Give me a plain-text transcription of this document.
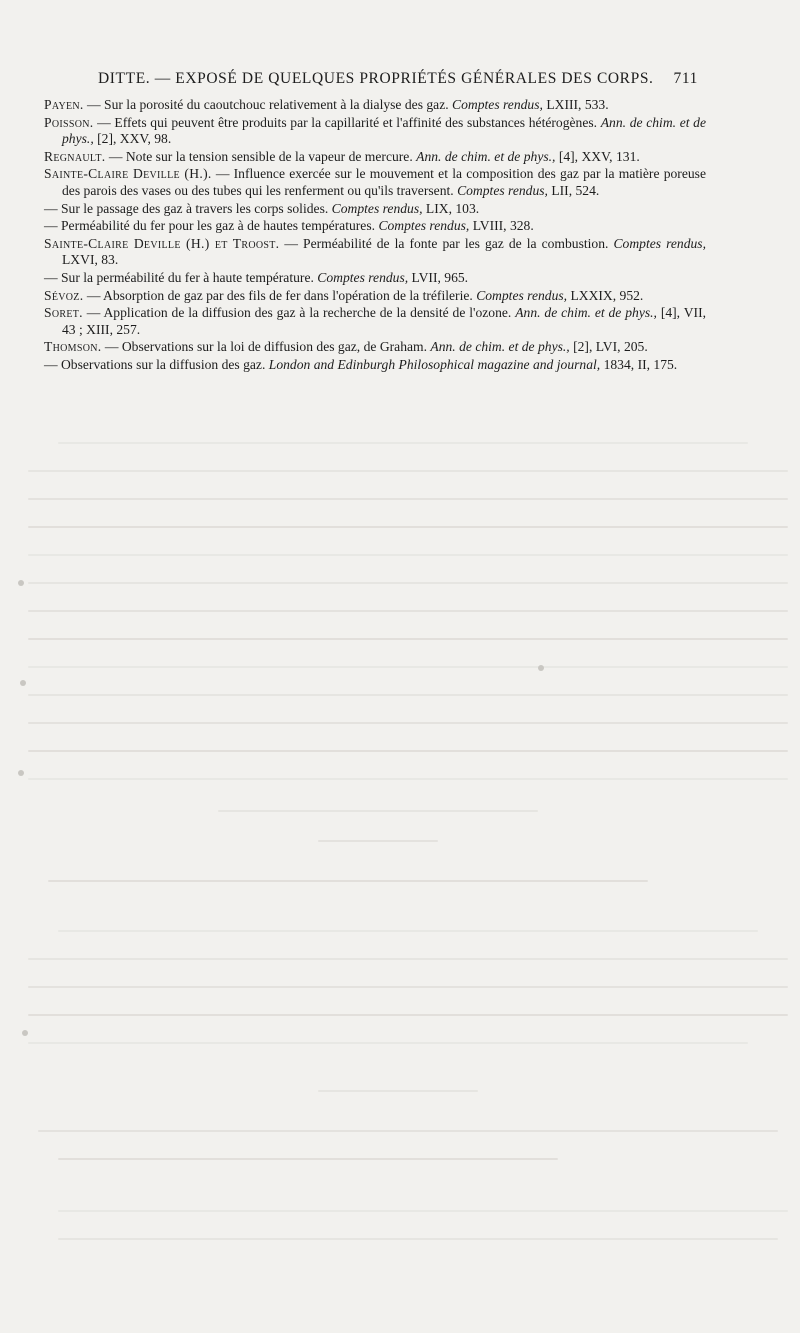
DITTE. — EXPOSÉ DE QUELQUES PROPRIÉTÉS GÉNÉRALES DES CORPS. 711

Payen. — Sur la porosité du caoutchouc relativement à la dialyse des gaz. Comptes rendus, LXIII, 533.

Poisson. — Effets qui peuvent être produits par la capillarité et l'affinité des substances hétérogènes. Ann. de chim. et de phys., [2], XXV, 98.

Regnault. — Note sur la tension sensible de la vapeur de mercure. Ann. de chim. et de phys., [4], XXV, 131.

Sainte-Claire Deville (H.). — Influence exercée sur le mouvement et la composition des gaz par la matière poreuse des parois des vases ou des tubes qui les renferment ou qu'ils traversent. Comptes rendus, LII, 524.

— Sur le passage des gaz à travers les corps solides. Comptes rendus, LIX, 103.

— Perméabilité du fer pour les gaz à de hautes températures. Comptes rendus, LVIII, 328.

Sainte-Claire Deville (H.) et Troost. — Perméabilité de la fonte par les gaz de la combustion. Comptes rendus, LXVI, 83.

— Sur la perméabilité du fer à haute température. Comptes rendus, LVII, 965.

Sévoz. — Absorption de gaz par des fils de fer dans l'opération de la tréfilerie. Comptes rendus, LXXIX, 952.

Soret. — Application de la diffusion des gaz à la recherche de la densité de l'ozone. Ann. de chim. et de phys., [4], VII, 43 ; XIII, 257.

Thomson. — Observations sur la loi de diffusion des gaz, de Graham. Ann. de chim. et de phys., [2], LVI, 205.

— Observations sur la diffusion des gaz. London and Edinburgh Philosophical magazine and journal, 1834, II, 175.
